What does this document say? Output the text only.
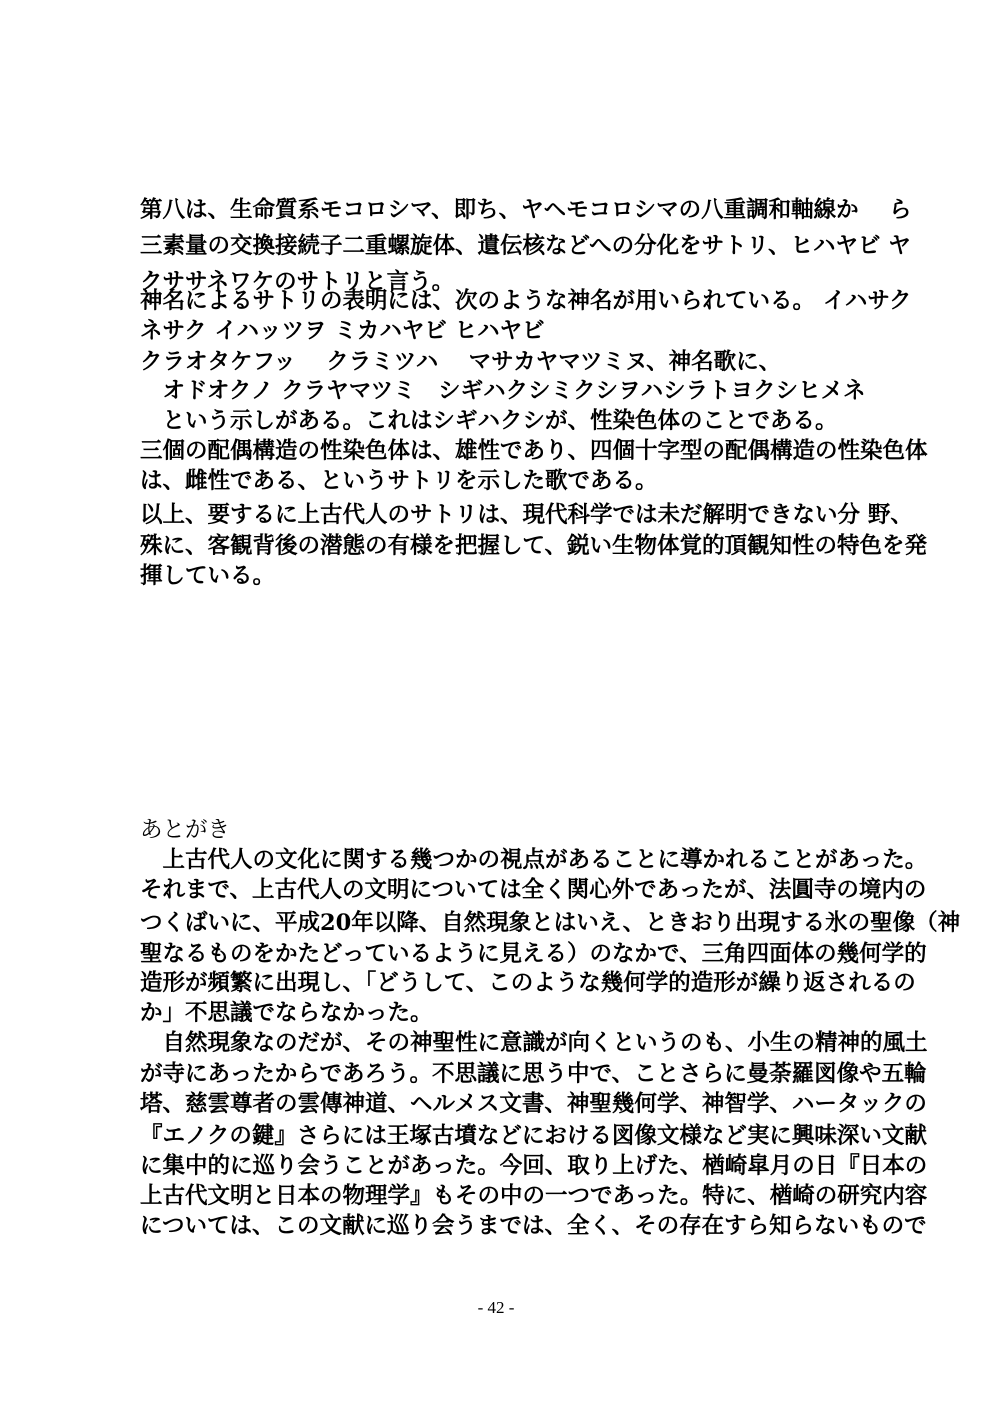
第八は、生命質系モコロシマ、即ち、ヤヘモコロシマの八重調和軸線か　 ら
三素量の交換接続子二重螺旋体、遺伝核などへの分化をサトリ、ヒハヤビ ヤ
クササネワケのサトリと言う。
神名によるサトリの表明には、次のような神名が用いられている。 イハサク
ネサク イハッツヲ ミカハヤビ ヒハヤビ
クラオタケフッ　 クラミツハ　 マサカヤマツミヌ、神名歌に、
　オドオクノ クラヤマツミ　シギハクシミクシヲハシラトヨクシヒメネ
　という示しがある。これはシギハクシが、性染色体のことである。
三個の配偶構造の性染色体は、雄性であり、四個十字型の配偶構造の性染色体
は、雌性である、というサトリを示した歌である。
以上、要するに上古代人のサトリは、現代科学では未だ解明できない分 野、
殊に、客観背後の潜態の有様を把握して、鋭い生物体覚的頂観知性の特色を発
揮している。
あとがき
　上古代人の文化に関する幾つかの視点があることに導かれることがあった。
それまで、上古代人の文明については全く関心外であったが、法圓寺の境内の
つくばいに、平成20年以降、自然現象とはいえ、ときおり出現する氷の聖像（神
聖なるものをかたどっているように見える）のなかで、三角四面体の幾何学的
造形が頻繁に出現し、「どうして、このような幾何学的造形が繰り返されるの
か」不思議でならなかった。
　自然現象なのだが、その神聖性に意識が向くというのも、小生の精神的風土
が寺にあったからであろう。不思議に思う中で、ことさらに曼荼羅図像や五輪
塔、慈雲尊者の雲傳神道、ヘルメス文書、神聖幾何学、神智学、ハータックの
『エノクの鍵』さらには王塚古墳などにおける図像文様など実に興味深い文献
に集中的に巡り会うことがあった。今回、取り上げた、楢崎皐月の日『日本の
上古代文明と日本の物理学』もその中の一つであった。特に、楢崎の研究内容
については、この文献に巡り会うまでは、全く、その存在すら知らないもので
- 42 -
